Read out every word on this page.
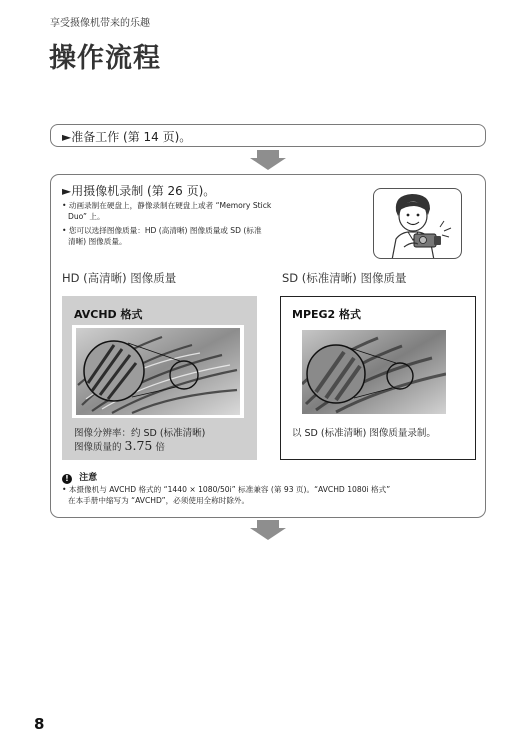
享受摄像机带来的乐趣
操作流程
►准备工作 (第 14 页)。
►用摄像机录制 (第 26 页)。
• 动画录制在硬盘上，静像录制在硬盘上或者 “Memory Stick
Duo” 上。
• 您可以选择图像质量：HD (高清晰) 图像质量或 SD (标准
清晰) 图像质量。
HD (高清晰) 图像质量	SD (标准清晰) 图像质量
AVCHD 格式
图像分辨率：约 SD (标准清晰)
图像质量的 3.75 倍
MPEG2 格式
以 SD (标准清晰) 图像质量录制。
! 注意
• 本摄像机与 AVCHD 格式的 “1440 × 1080/50i” 标准兼容 (第 93 页)。“AVCHD 1080i 格式”
在本手册中缩写为 “AVCHD”，必须使用全称时除外。
8
